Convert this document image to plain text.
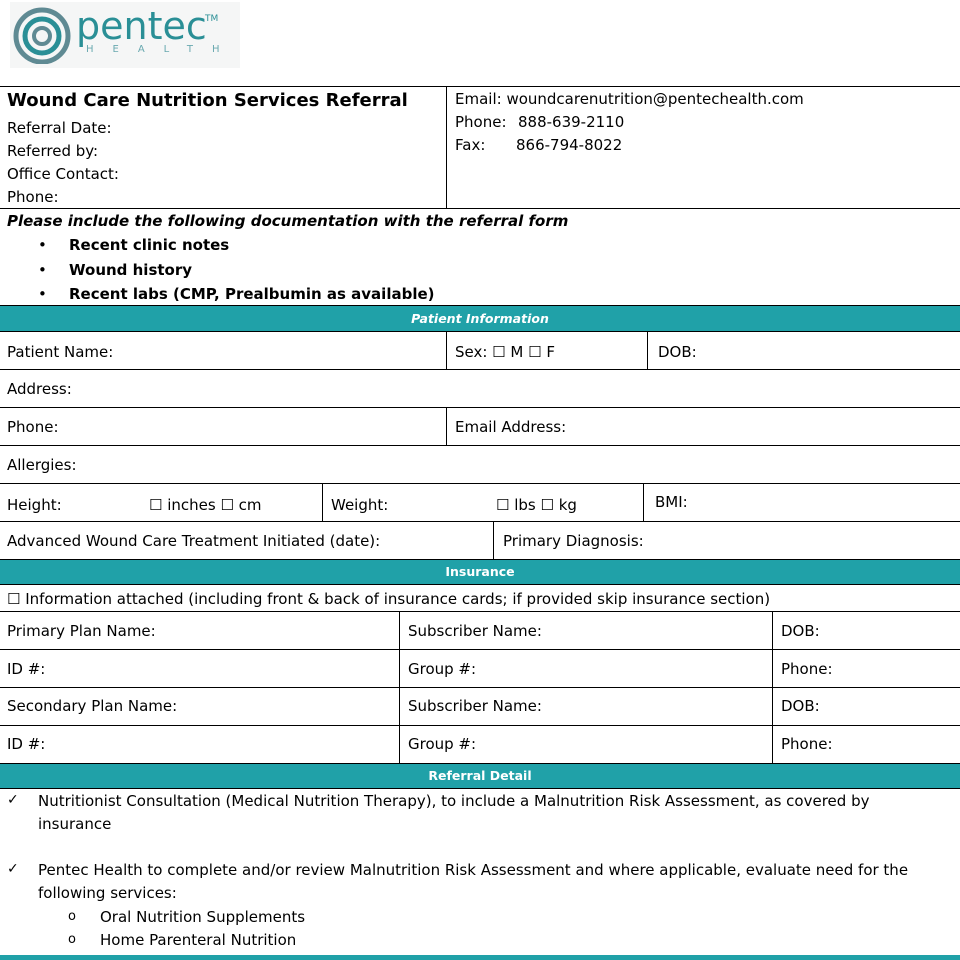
pentec
TM
HEALTH
Wound Care Nutrition Services Referral
Referral Date:
Referred by:
Office Contact:
Phone:
Email: woundcarenutrition@pentechealth.com
Phone: 888-639-2110
Fax: 866-794-8022
Please include the following documentation with the referral form
• Recent clinic notes
• Wound history
• Recent labs (CMP, Prealbumin as available)
Patient Information
Patient Name:	Sex: ☐ M ☐ F	DOB:
Address:
Phone:	Email Address:
Allergies:
Height:	☐ inches ☐ cm	Weight:	☐ lbs ☐ kg	BMI:
Advanced Wound Care Treatment Initiated (date):	Primary Diagnosis:
Insurance
☐ Information attached (including front & back of insurance cards; if provided skip insurance section)
Primary Plan Name:	Subscriber Name:	DOB:
ID #:	Group #:	Phone:
Secondary Plan Name:	Subscriber Name:	DOB:
ID #:	Group #:	Phone:
Referral Detail
✓ Nutritionist Consultation (Medical Nutrition Therapy), to include a Malnutrition Risk Assessment, as covered by
insurance
✓ Pentec Health to complete and/or review Malnutrition Risk Assessment and where applicable, evaluate need for the
following services:
o Oral Nutrition Supplements
o Home Parenteral Nutrition
